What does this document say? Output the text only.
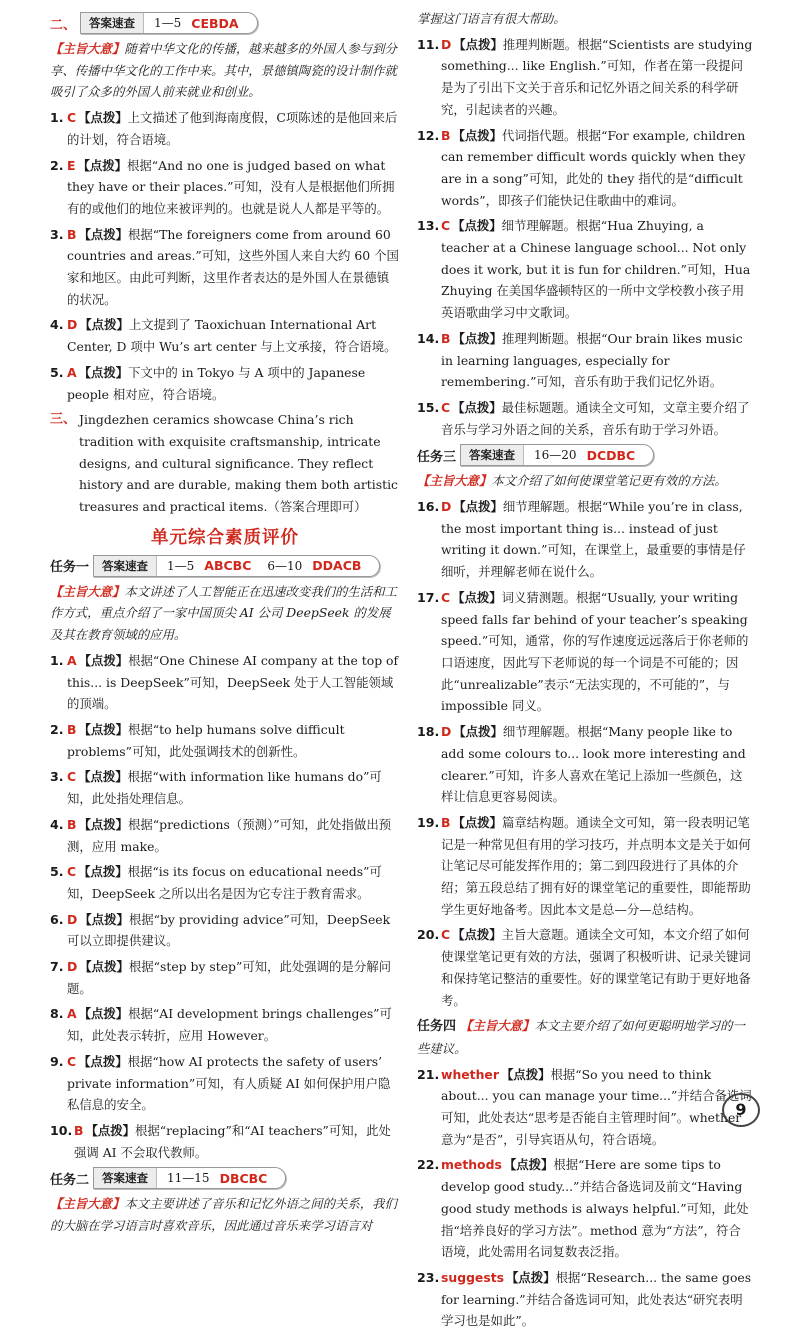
二、	答案速查	1—5 CEBDA

【主旨大意】随着中华文化的传播，越来越多的外国人参与到分享、传播中华文化的工作中来。其中，景德镇陶瓷的设计制作就吸引了众多的外国人前来就业和创业。

1. C 【点拨】上文描述了他到海南度假，C项陈述的是他回来后的计划，符合语境。

2. E 【点拨】根据“And no one is judged based on what they have or their places.”可知，没有人是根据他们所拥有的或他们的地位来被评判的。也就是说人人都是平等的。

3. B 【点拨】根据“The foreigners come from around 60 countries and areas.”可知，这些外国人来自大约 60 个国家和地区。由此可判断，这里作者表达的是外国人在景德镇的状况。

4. D 【点拨】上文提到了 Taoxichuan International Art Center, D 项中 Wu’s art center 与上文承接，符合语境。

5. A 【点拨】下文中的 in Tokyo 与 A 项中的 Japanese people 相对应，符合语境。

三、 Jingdezhen ceramics showcase China’s rich tradition with exquisite craftsmanship, intricate designs, and cultural significance. They reflect history and are durable, making them both artistic treasures and practical items.（答案合理即可）

单元综合素质评价
任务一	答案速查	1—5 ABCBC 6—10 DDACB

【主旨大意】本文讲述了人工智能正在迅速改变我们的生活和工作方式，重点介绍了一家中国顶尖 AI 公司 DeepSeek 的发展及其在教育领域的应用。

1. A 【点拨】根据“One Chinese AI company at the top of this... is DeepSeek”可知，DeepSeek 处于人工智能领域的顶端。

2. B 【点拨】根据“to help humans solve difficult problems”可知，此处强调技术的创新性。

3. C 【点拨】根据“with information like humans do”可知，此处指处理信息。

4. B 【点拨】根据“predictions（预测）”可知，此处指做出预测，应用 make。

5. C 【点拨】根据“is its focus on educational needs”可知，DeepSeek 之所以出名是因为它专注于教育需求。

6. D 【点拨】根据“by providing advice”可知，DeepSeek 可以立即提供建议。

7. D 【点拨】根据“step by step”可知，此处强调的是分解问题。

8. A 【点拨】根据“AI development brings challenges”可知，此处表示转折，应用 However。

9. C 【点拨】根据“how AI protects the safety of users’ private information”可知，有人质疑 AI 如何保护用户隐私信息的安全。

10. B 【点拨】根据“replacing”和“AI teachers”可知，此处强调 AI 不会取代教师。

任务二	答案速查	11—15 DBCBC

【主旨大意】本文主要讲述了音乐和记忆外语之间的关系，我们的大脑在学习语言时喜欢音乐，因此通过音乐来学习语言对

掌握这门语言有很大帮助。

11. D 【点拨】推理判断题。根据“Scientists are studying something... like English.”可知，作者在第一段提问是为了引出下文关于音乐和记忆外语之间关系的科学研究，引起读者的兴趣。

12. B 【点拨】代词指代题。根据“For example, children can remember difficult words quickly when they are in a song”可知，此处的 they 指代的是“difficult words”，即孩子们能快记住歌曲中的难词。

13. C 【点拨】细节理解题。根据“Hua Zhuying, a teacher at a Chinese language school... Not only does it work, but it is fun for children.”可知，Hua Zhuying 在美国华盛顿特区的一所中文学校教小孩子用英语歌曲学习中文歌词。

14. B 【点拨】推理判断题。根据“Our brain likes music in learning languages, especially for remembering.”可知，音乐有助于我们记忆外语。

15. C 【点拨】最佳标题题。通读全文可知，文章主要介绍了音乐与学习外语之间的关系，音乐有助于学习外语。

任务三	答案速查	16—20 DCDBC

【主旨大意】本文介绍了如何使课堂笔记更有效的方法。

16. D 【点拨】细节理解题。根据“While you’re in class, the most important thing is... instead of just writing it down.”可知，在课堂上，最重要的事情是仔细听，并理解老师在说什么。

17. C 【点拨】词义猜测题。根据“Usually, your writing speed falls far behind of your teacher’s speaking speed.”可知，通常，你的写作速度远远落后于你老师的口语速度，因此写下老师说的每一个词是不可能的；因此“unrealizable”表示“无法实现的，不可能的”，与 impossible 同义。

18. D 【点拨】细节理解题。根据“Many people like to add some colours to... look more interesting and clearer.”可知，许多人喜欢在笔记上添加一些颜色，这样让信息更容易阅读。

19. B 【点拨】篇章结构题。通读全文可知，第一段表明记笔记是一种常见但有用的学习技巧，并点明本文是关于如何让笔记尽可能发挥作用的；第二到四段进行了具体的介绍；第五段总结了拥有好的课堂笔记的重要性，即能帮助学生更好地备考。因此本文是总—分—总结构。

20. C 【点拨】主旨大意题。通读全文可知，本文介绍了如何使课堂笔记更有效的方法，强调了积极听讲、记录关键词和保持笔记整洁的重要性。好的课堂笔记有助于更好地备考。

任务四 【主旨大意】本文主要介绍了如何更聪明地学习的一些建议。

21. whether 【点拨】根据“So you need to think about... you can manage your time...”并结合备选词可知，此处表达“思考是否能自主管理时间”。whether 意为“是否”，引导宾语从句，符合语境。

22. methods 【点拨】根据“Here are some tips to develop good study...”并结合备选词及前文“Having good study methods is always helpful.”可知，此处指“培养良好的学习方法”。method 意为“方法”，符合语境，此处需用名词复数表泛指。

23. suggests 【点拨】根据“Research... the same goes for learning.”并结合备选词可知，此处表达“研究表明学习也是如此”。

9
